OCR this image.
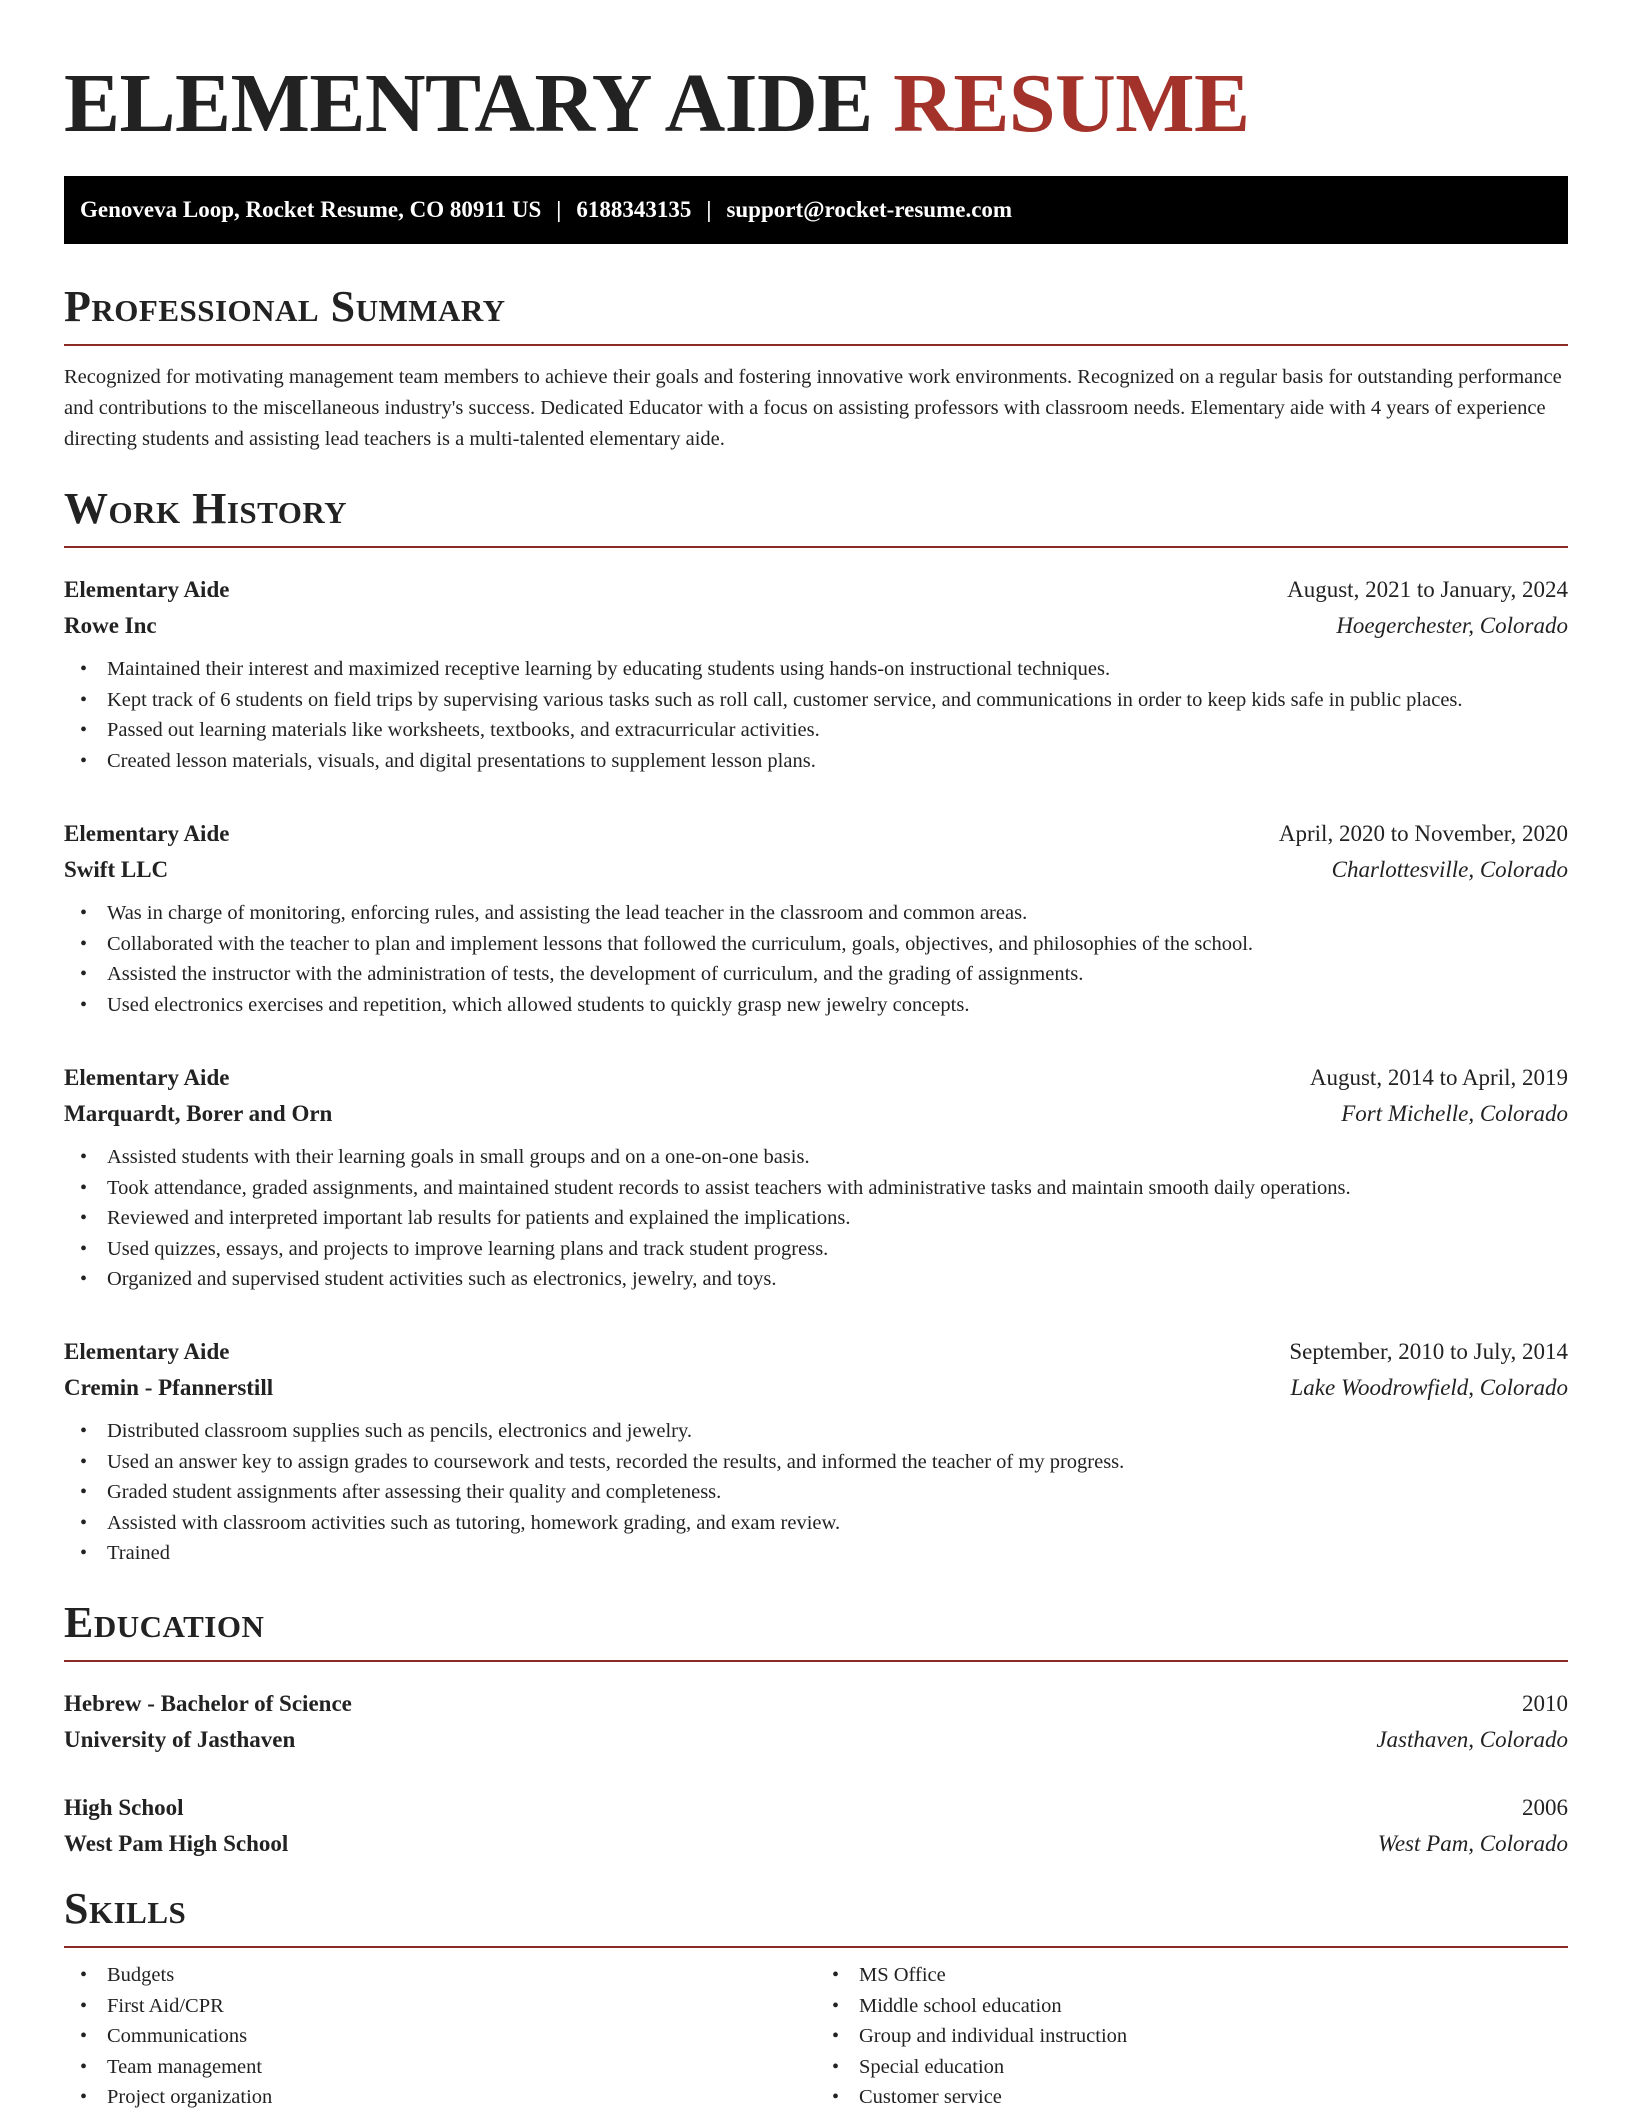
ELEMENTARY AIDE RESUME
Genoveva Loop, Rocket Resume, CO 80911 US | 6188343135 | support@rocket-resume.com
Professional Summary

Recognized for motivating management team members to achieve their goals and fostering innovative work environments. Recognized on a regular basis for outstanding performance and contributions to the miscellaneous industry's success. Dedicated Educator with a focus on assisting professors with classroom needs. Elementary aide with 4 years of experience directing students and assisting lead teachers is a multi-talented elementary aide.

Work History
Elementary Aide	August, 2021 to January, 2024
Rowe Inc	Hoegerchester, Colorado
• Maintained their interest and maximized receptive learning by educating students using hands-on instructional techniques.
• Kept track of 6 students on field trips by supervising various tasks such as roll call, customer service, and communications in order to keep kids safe in public places.
• Passed out learning materials like worksheets, textbooks, and extracurricular activities.
• Created lesson materials, visuals, and digital presentations to supplement lesson plans.
Elementary Aide	April, 2020 to November, 2020
Swift LLC	Charlottesville, Colorado
• Was in charge of monitoring, enforcing rules, and assisting the lead teacher in the classroom and common areas.
• Collaborated with the teacher to plan and implement lessons that followed the curriculum, goals, objectives, and philosophies of the school.
• Assisted the instructor with the administration of tests, the development of curriculum, and the grading of assignments.
• Used electronics exercises and repetition, which allowed students to quickly grasp new jewelry concepts.
Elementary Aide	August, 2014 to April, 2019
Marquardt, Borer and Orn	Fort Michelle, Colorado
• Assisted students with their learning goals in small groups and on a one-on-one basis.
• Took attendance, graded assignments, and maintained student records to assist teachers with administrative tasks and maintain smooth daily operations.
• Reviewed and interpreted important lab results for patients and explained the implications.
• Used quizzes, essays, and projects to improve learning plans and track student progress.
• Organized and supervised student activities such as electronics, jewelry, and toys.
Elementary Aide	September, 2010 to July, 2014
Cremin - Pfannerstill	Lake Woodrowfield, Colorado
• Distributed classroom supplies such as pencils, electronics and jewelry.
• Used an answer key to assign grades to coursework and tests, recorded the results, and informed the teacher of my progress.
• Graded student assignments after assessing their quality and completeness.
• Assisted with classroom activities such as tutoring, homework grading, and exam review.
• Trained
Education
Hebrew - Bachelor of Science	2010
University of Jasthaven	Jasthaven, Colorado
High School	2006
West Pam High School	West Pam, Colorado
Skills
• Budgets
• First Aid/CPR
• Communications
• Team management
• Project organization
• MS Office
• Middle school education
• Group and individual instruction
• Special education
• Customer service
